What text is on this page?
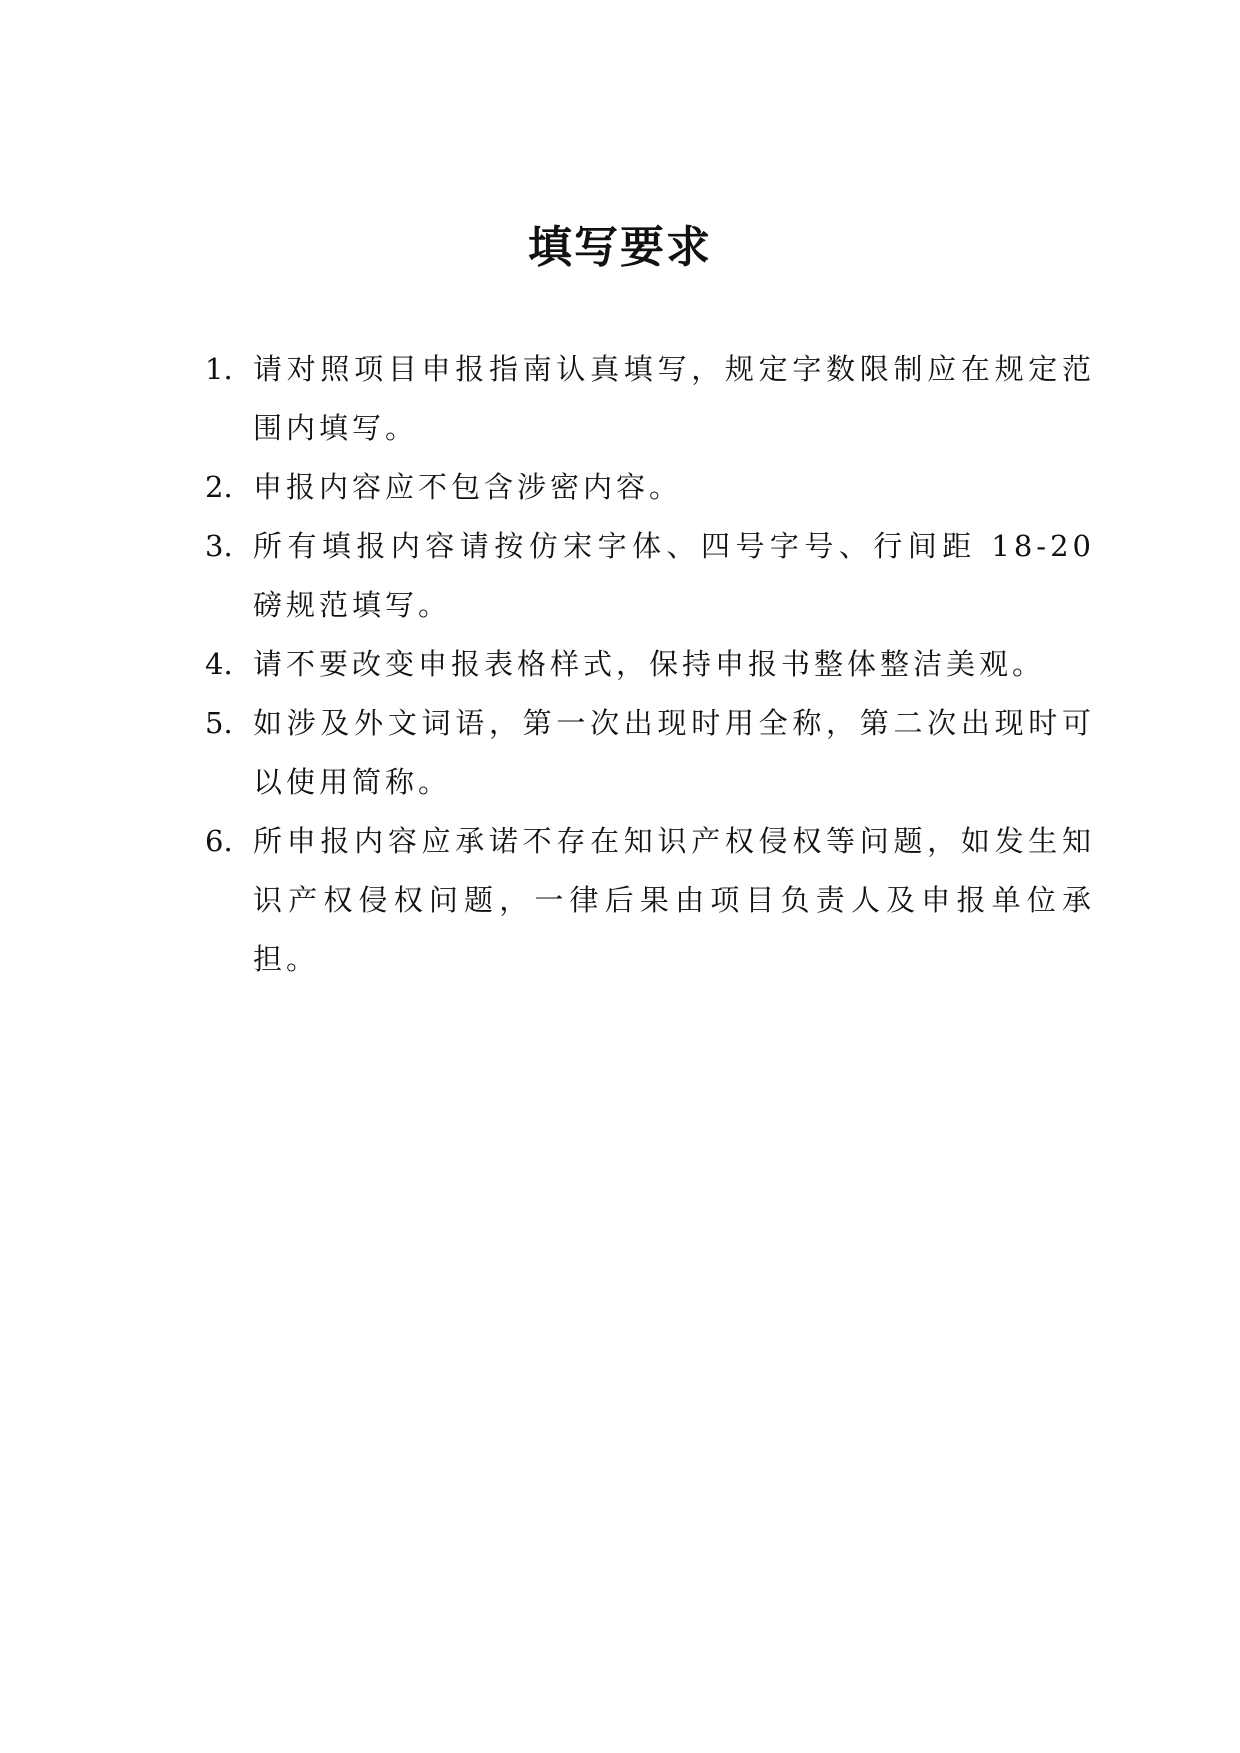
填写要求
1. 请对照项目申报指南认真填写，规定字数限制应在规定范围内填写。
2. 申报内容应不包含涉密内容。
3. 所有填报内容请按仿宋字体、四号字号、行间距 18-20 磅规范填写。
4. 请不要改变申报表格样式，保持申报书整体整洁美观。
5. 如涉及外文词语，第一次出现时用全称，第二次出现时可以使用简称。
6. 所申报内容应承诺不存在知识产权侵权等问题，如发生知识产权侵权问题，一律后果由项目负责人及申报单位承担。
